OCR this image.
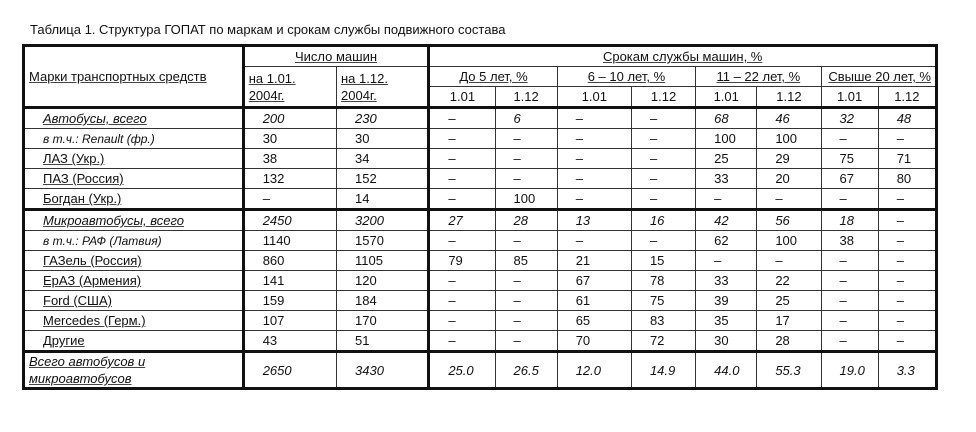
Таблица 1. Структура ГОПАТ по маркам и срокам службы подвижного состава
Марки транспортных средств	Число машин		Срокам службы машин, %							
	на 1.01. 2004г.	на 1.12. 2004г.	До 5 лет, %		6 – 10 лет, %		11 – 22 лет, %		Свыше 20 лет, %	
			1.01	1.12	1.01	1.12	1.01	1.12	1.01	1.12
Автобусы, всего	200	230	–	6	–	–	68	46	32	48
в т.ч.: Renault (фр.)	30	30	–	–	–	–	100	100	–	–
ЛАЗ (Укр.)	38	34	–	–	–	–	25	29	75	71
ПАЗ (Россия)	132	152	–	–	–	–	33	20	67	80
Богдан (Укр.)	–	14	–	100	–	–	–	–	–	–
Микроавтобусы, всего	2450	3200	27	28	13	16	42	56	18	–
в т.ч.: РАФ (Латвия)	1140	1570	–	–	–	–	62	100	38	–
ГАЗель (Россия)	860	1105	79	85	21	15	–	–	–	–
ЕрАЗ (Армения)	141	120	–	–	67	78	33	22	–	–
Ford (США)	159	184	–	–	61	75	39	25	–	–
Mercedes (Герм.)	107	170	–	–	65	83	35	17	–	–
Другие	43	51	–	–	70	72	30	28	–	–
Всего автобусов и микроавтобусов	2650	3430	25.0	26.5	12.0	14.9	44.0	55.3	19.0	3.3
